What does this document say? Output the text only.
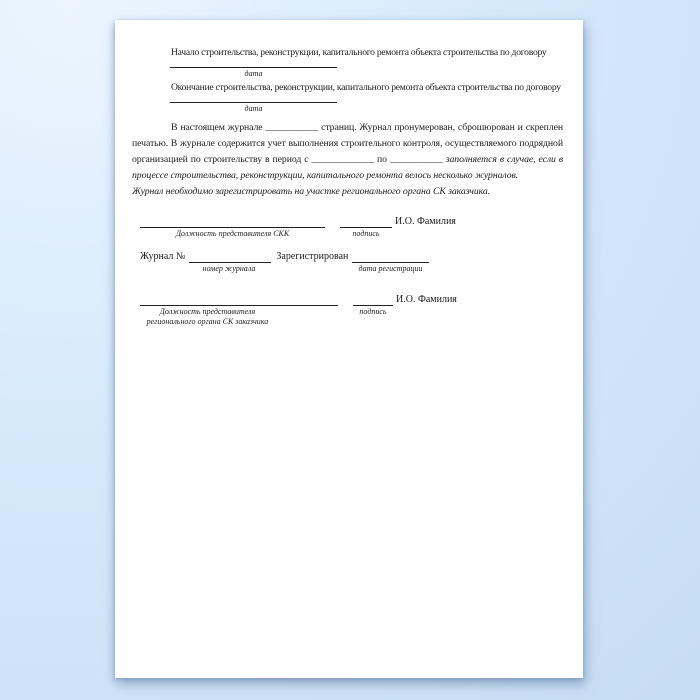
Начало строительства, реконструкции, капитального ремонта объекта строительства по договору

дата

Окончание строительства, реконструкции, капитального ремонта объекта строительства по договору

дата

В настоящем журнале ___________ страниц. Журнал пронумерован, сброшюрован и скреплен печатью. В журнале содержится учет выполнения строительного контроля, осуществляемого подрядной организацией по строительству в период с _____________ по ___________ заполняется в случае, если в процессе строительства, реконструкции, капитального ремонта велось несколько журналов.

Журнал необходимо зарегистрировать на участке регионального органа СК заказчика.

И.О. Фамилия
Должность представителя СКК	подпись
Журнал №	Зарегистрирован
номер журнала	дата регистрации
И.О. Фамилия
Должность представителя
регионального органа СК заказчика
подпись
